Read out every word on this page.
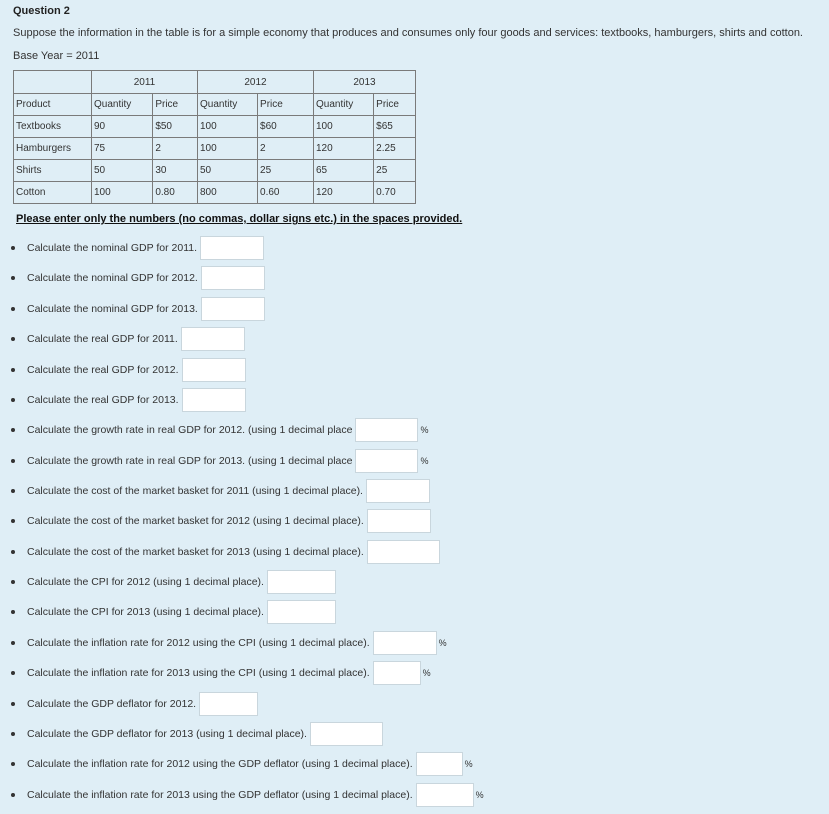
Question 2
Suppose the information in the table is for a simple economy that produces and consumes only four goods and services: textbooks, hamburgers, shirts and cotton.
Base Year = 2011
	2011		2012		2013	
Product	Quantity	Price	Quantity	Price	Quantity	Price
Textbooks	90	$50	100	$60	100	$65
Hamburgers	75	2	100	2	120	2.25
Shirts	50	30	50	25	65	25
Cotton	100	0.80	800	0.60	120	0.70
Please enter only the numbers (no commas, dollar signs etc.) in the spaces provided.
Calculate the nominal GDP for 2011.
Calculate the nominal GDP for 2012.
Calculate the nominal GDP for 2013.
Calculate the real GDP for 2011.
Calculate the real GDP for 2012.
Calculate the real GDP for 2013.
Calculate the growth rate in real GDP for 2012. (using 1 decimal place	%
Calculate the growth rate in real GDP for 2013. (using 1 decimal place	%
Calculate the cost of the market basket for 2011 (using 1 decimal place).
Calculate the cost of the market basket for 2012 (using 1 decimal place).
Calculate the cost of the market basket for 2013 (using 1 decimal place).
Calculate the CPI for 2012 (using 1 decimal place).
Calculate the CPI for 2013 (using 1 decimal place).
Calculate the inflation rate for 2012 using the CPI (using 1 decimal place).	%
Calculate the inflation rate for 2013 using the CPI (using 1 decimal place).	%
Calculate the GDP deflator for 2012.
Calculate the GDP deflator for 2013 (using 1 decimal place).
Calculate the inflation rate for 2012 using the GDP deflator (using 1 decimal place).	%
Calculate the inflation rate for 2013 using the GDP deflator (using 1 decimal place).	%
